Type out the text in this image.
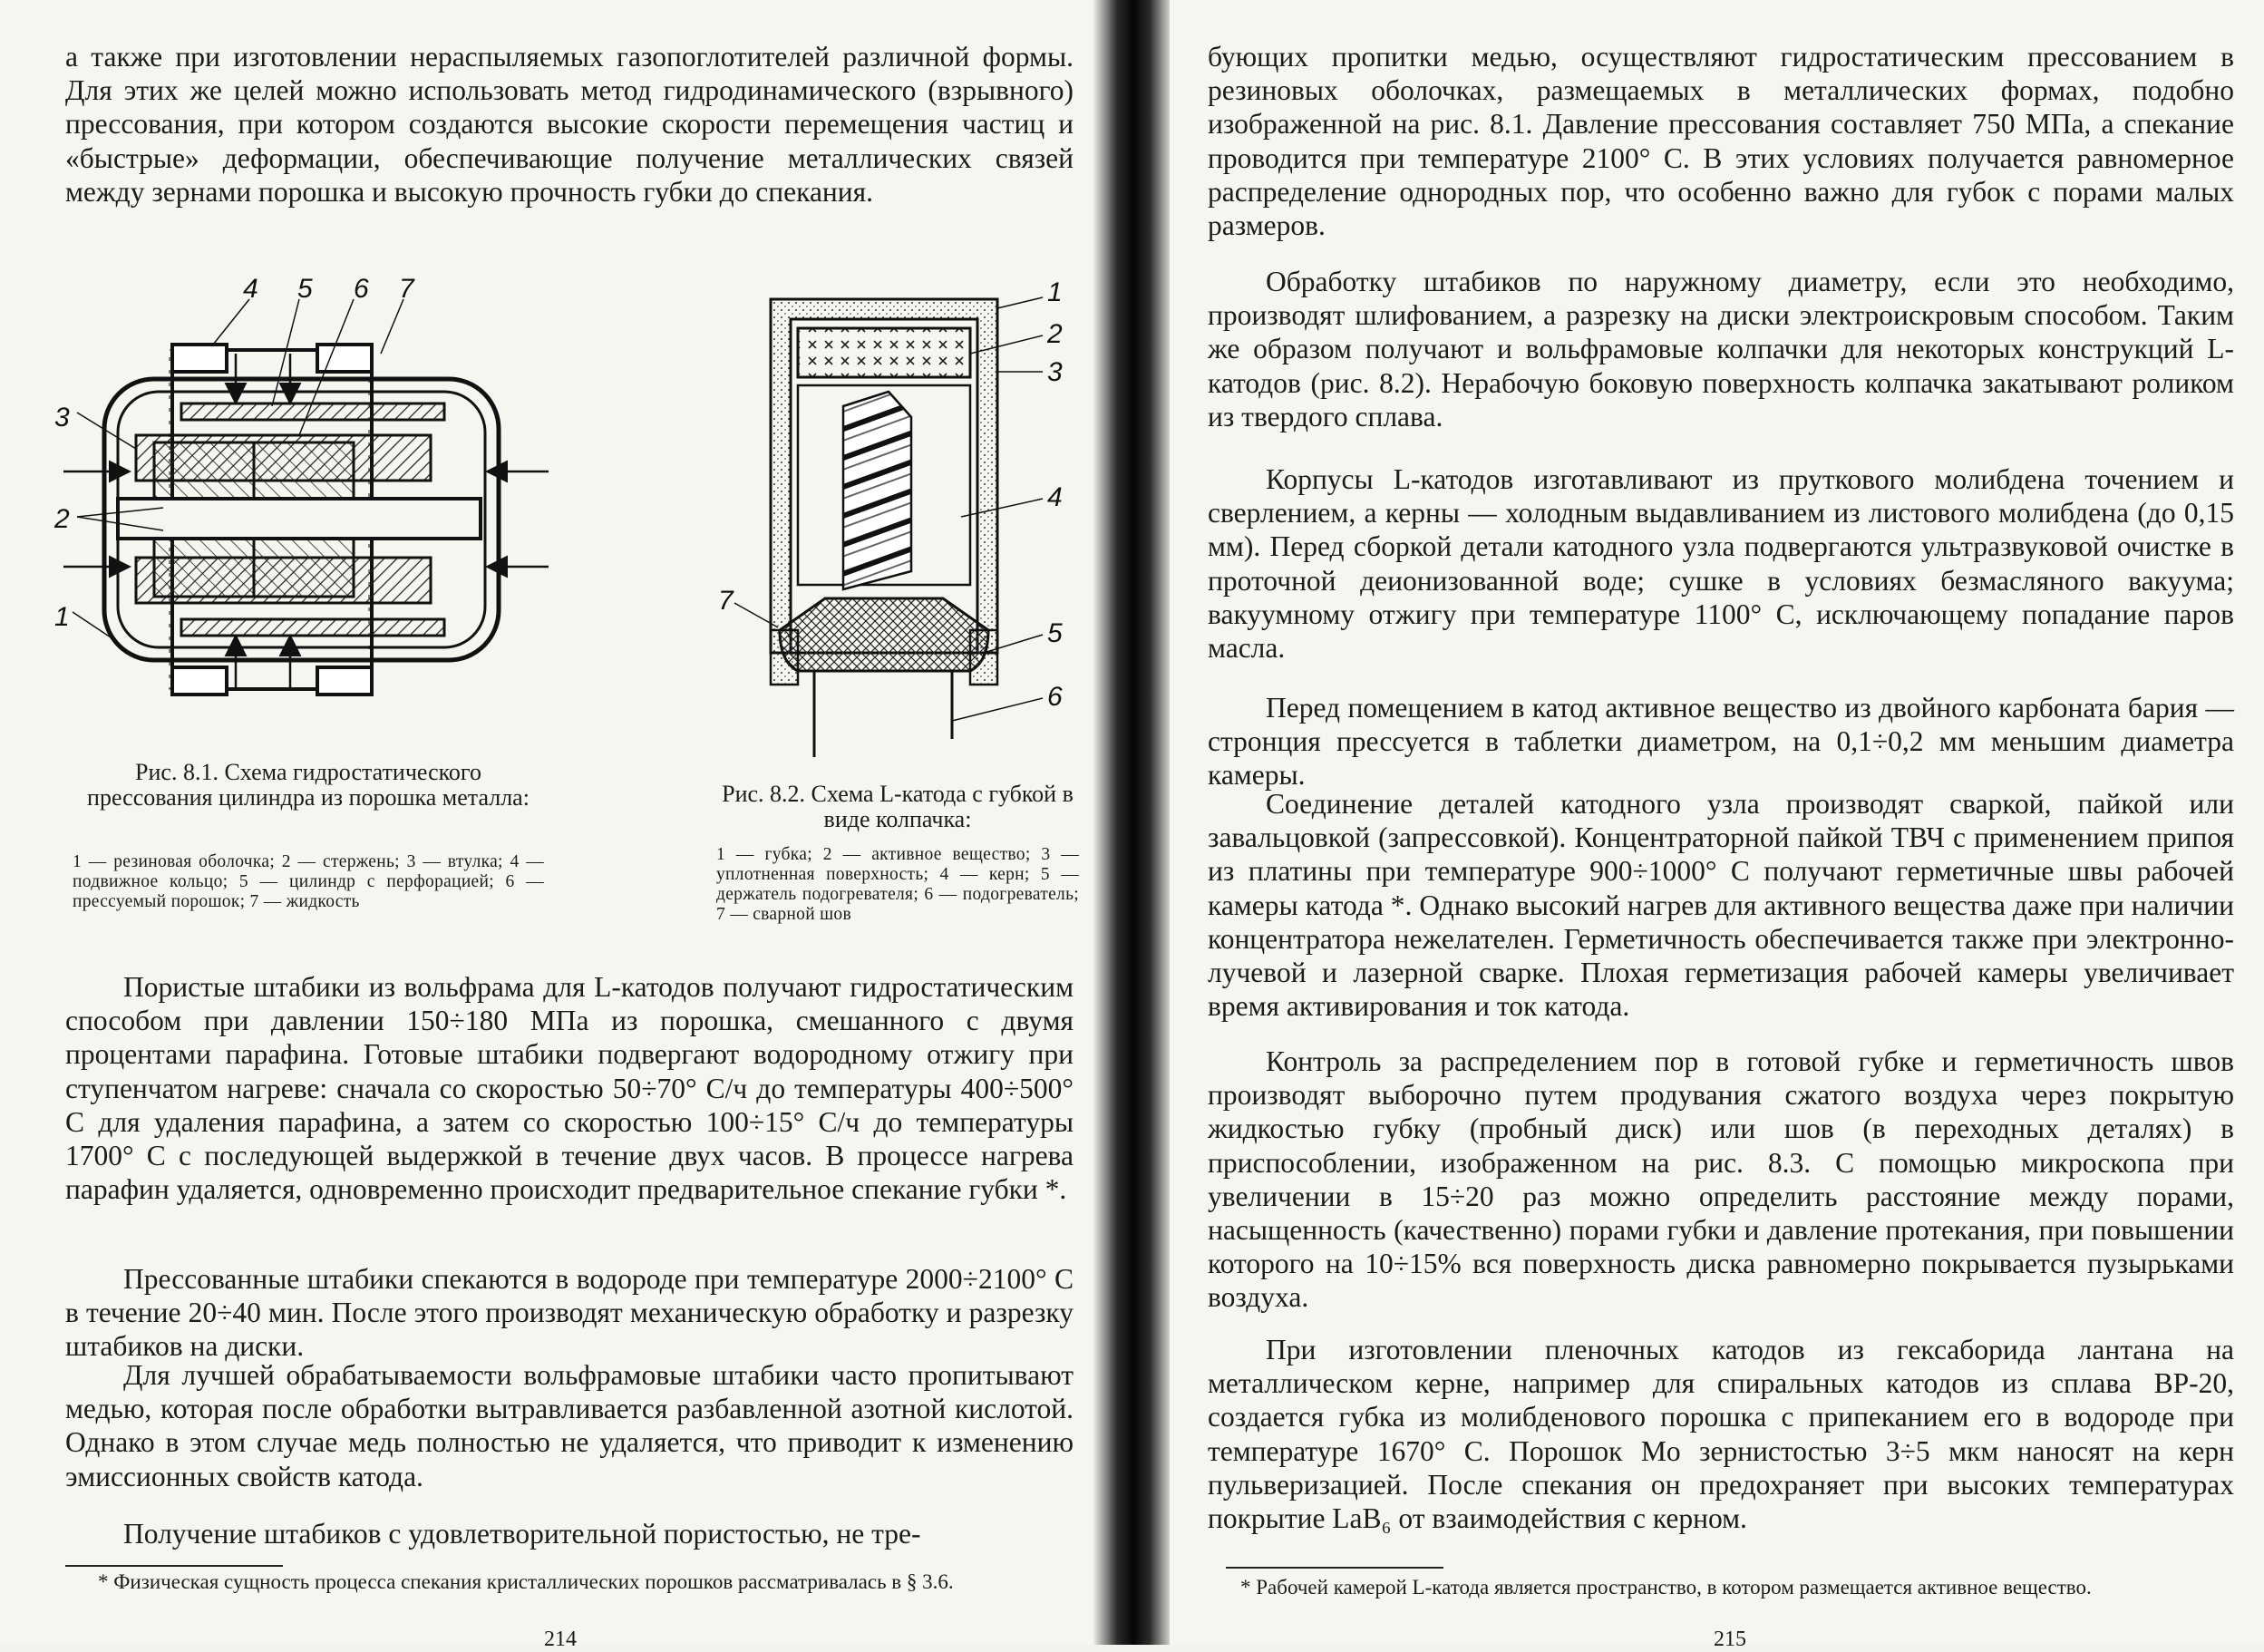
а также при изготовлении нераспыляемых газопоглотителей различной формы. Для этих же целей можно использовать метод гидродинамического (взрывного) прессования, при котором создаются высокие скорости перемещения частиц и «быстрые» деформации, обеспечивающие получение металлических связей между зернами порошка и высокую прочность губки до спекания.

4 5 6 7
3
2
1

Рис. 8.1. Схема гидростатического прессования цилиндра из порошка металла:

1 — резиновая оболочка; 2 — стержень; 3 — втулка; 4 — подвижное кольцо; 5 — цилиндр с перфорацией; 6 — прессуемый порошок; 7 — жидкость

1
2
3
4
5
6
7

Рис. 8.2. Схема L-катода с губкой в виде колпачка:

1 — губка; 2 — активное вещество; 3 — уплотненная поверхность; 4 — керн; 5 — держатель подогревателя; 6 — подогреватель; 7 — сварной шов

Пористые штабики из вольфрама для L-катодов получают гидростатическим способом при давлении 150÷180 МПа из порошка, смешанного с двумя процентами парафина. Готовые штабики подвергают водородному отжигу при ступенчатом нагреве: сначала со скоростью 50÷70° С/ч до температуры 400÷500° С для удаления парафина, а затем со скоростью 100÷15° С/ч до температуры 1700° С с последующей выдержкой в течение двух часов. В процессе нагрева парафин удаляется, одновременно происходит предварительное спекание губки *.

Прессованные штабики спекаются в водороде при температуре 2000÷2100° С в течение 20÷40 мин. После этого производят механическую обработку и разрезку штабиков на диски.

Для лучшей обрабатываемости вольфрамовые штабики часто пропитывают медью, которая после обработки вытравливается разбавленной азотной кислотой. Однако в этом случае медь полностью не удаляется, что приводит к изменению эмиссионных свойств катода.

Получение штабиков с удовлетворительной пористостью, не тре-

* Физическая сущность процесса спекания кристаллических порошков рассматривалась в § 3.6.

214

бующих пропитки медью, осуществляют гидростатическим прессованием в резиновых оболочках, размещаемых в металлических формах, подобно изображенной на рис. 8.1. Давление прессования составляет 750 МПа, а спекание проводится при температуре 2100° С. В этих условиях получается равномерное распределение однородных пор, что особенно важно для губок с порами малых размеров.

Обработку штабиков по наружному диаметру, если это необходимо, производят шлифованием, а разрезку на диски электроискровым способом. Таким же образом получают и вольфрамовые колпачки для некоторых конструкций L-катодов (рис. 8.2). Нерабочую боковую поверхность колпачка закатывают роликом из твердого сплава.

Корпусы L-катодов изготавливают из пруткового молибдена точением и сверлением, а керны — холодным выдавливанием из листового молибдена (до 0,15 мм). Перед сборкой детали катодного узла подвергаются ультразвуковой очистке в проточной деионизованной воде; сушке в условиях безмасляного вакуума; вакуумному отжигу при температуре 1100° С, исключающему попадание паров масла.

Перед помещением в катод активное вещество из двойного карбоната бария — стронция прессуется в таблетки диаметром, на 0,1÷0,2 мм меньшим диаметра камеры.

Соединение деталей катодного узла производят сваркой, пайкой или завальцовкой (запрессовкой). Концентраторной пайкой ТВЧ с применением припоя из платины при температуре 900÷1000° С получают герметичные швы рабочей камеры катода *. Однако высокий нагрев для активного вещества даже при наличии концентратора нежелателен. Герметичность обеспечивается также при электронно-лучевой и лазерной сварке. Плохая герметизация рабочей камеры увеличивает время активирования и ток катода.

Контроль за распределением пор в готовой губке и герметичность швов производят выборочно путем продувания сжатого воздуха через покрытую жидкостью губку (пробный диск) или шов (в переходных деталях) в приспособлении, изображенном на рис. 8.3. С помощью микроскопа при увеличении в 15÷20 раз можно определить расстояние между порами, насыщенность (качественно) порами губки и давление протекания, при повышении которого на 10÷15% вся поверхность диска равномерно покрывается пузырьками воздуха.

При изготовлении пленочных катодов из гексаборида лантана на металлическом керне, например для спиральных катодов из сплава ВР-20, создается губка из молибденового порошка с припеканием его в водороде при температуре 1670° С. Порошок Mo зернистостью 3÷5 мкм наносят на керн пульверизацией. После спекания он предохраняет при высоких температурах покрытие LaB₆ от взаимодействия с керном.

* Рабочей камерой L-катода является пространство, в котором размещается активное вещество.

215
